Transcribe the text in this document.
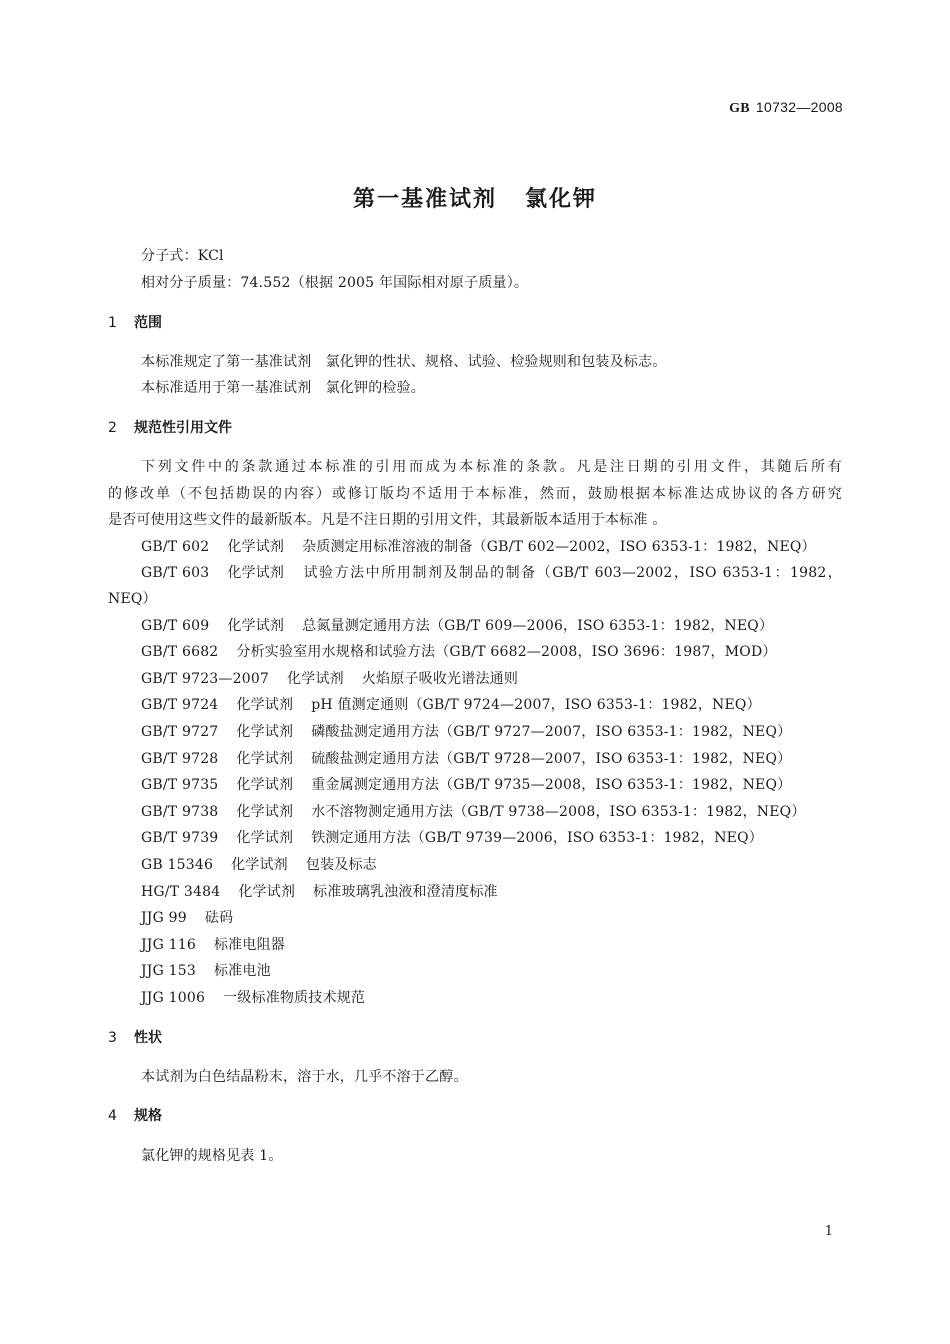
GB 10732—2008
第一基准试剂 氯化钾
分子式：KCl
相对分子质量：74.552（根据 2005 年国际相对原子质量）。
1 范围
本标准规定了第一基准试剂　氯化钾的性状、规格、试验、检验规则和包装及标志。
本标准适用于第一基准试剂　氯化钾的检验。
2 规范性引用文件
下列文件中的条款通过本标准的引用而成为本标准的条款。凡是注日期的引用文件，其随后所有
的修改单（不包括勘误的内容）或修订版均不适用于本标准，然而，鼓励根据本标准达成协议的各方研究
是否可使用这些文件的最新版本。凡是不注日期的引用文件，其最新版本适用于本标准 。
GB/T 602 化学试剂 杂质测定用标准溶液的制备（GB/T 602—2002，ISO 6353-1：1982，NEQ）
GB/T 603 化学试剂 试验方法中所用制剂及制品的制备（GB/T 603—2002，ISO 6353-1：1982，
NEQ）
GB/T 609 化学试剂 总氮量测定通用方法（GB/T 609—2006，ISO 6353-1：1982，NEQ）
GB/T 6682 分析实验室用水规格和试验方法（GB/T 6682—2008，ISO 3696：1987，MOD）
GB/T 9723—2007 化学试剂 火焰原子吸收光谱法通则
GB/T 9724 化学试剂 pH 值测定通则（GB/T 9724—2007，ISO 6353-1：1982，NEQ）
GB/T 9727 化学试剂 磷酸盐测定通用方法（GB/T 9727—2007，ISO 6353-1：1982，NEQ）
GB/T 9728 化学试剂 硫酸盐测定通用方法（GB/T 9728—2007，ISO 6353-1：1982，NEQ）
GB/T 9735 化学试剂 重金属测定通用方法（GB/T 9735—2008，ISO 6353-1：1982，NEQ）
GB/T 9738 化学试剂 水不溶物测定通用方法（GB/T 9738—2008，ISO 6353-1：1982，NEQ）
GB/T 9739 化学试剂 铁测定通用方法（GB/T 9739—2006，ISO 6353-1：1982，NEQ）
GB 15346 化学试剂 包装及标志
HG/T 3484 化学试剂 标准玻璃乳浊液和澄清度标准
JJG 99 砝码
JJG 116 标准电阻器
JJG 153 标准电池
JJG 1006 一级标准物质技术规范
3 性状
本试剂为白色结晶粉末，溶于水，几乎不溶于乙醇。
4 规格
氯化钾的规格见表 1。
1
